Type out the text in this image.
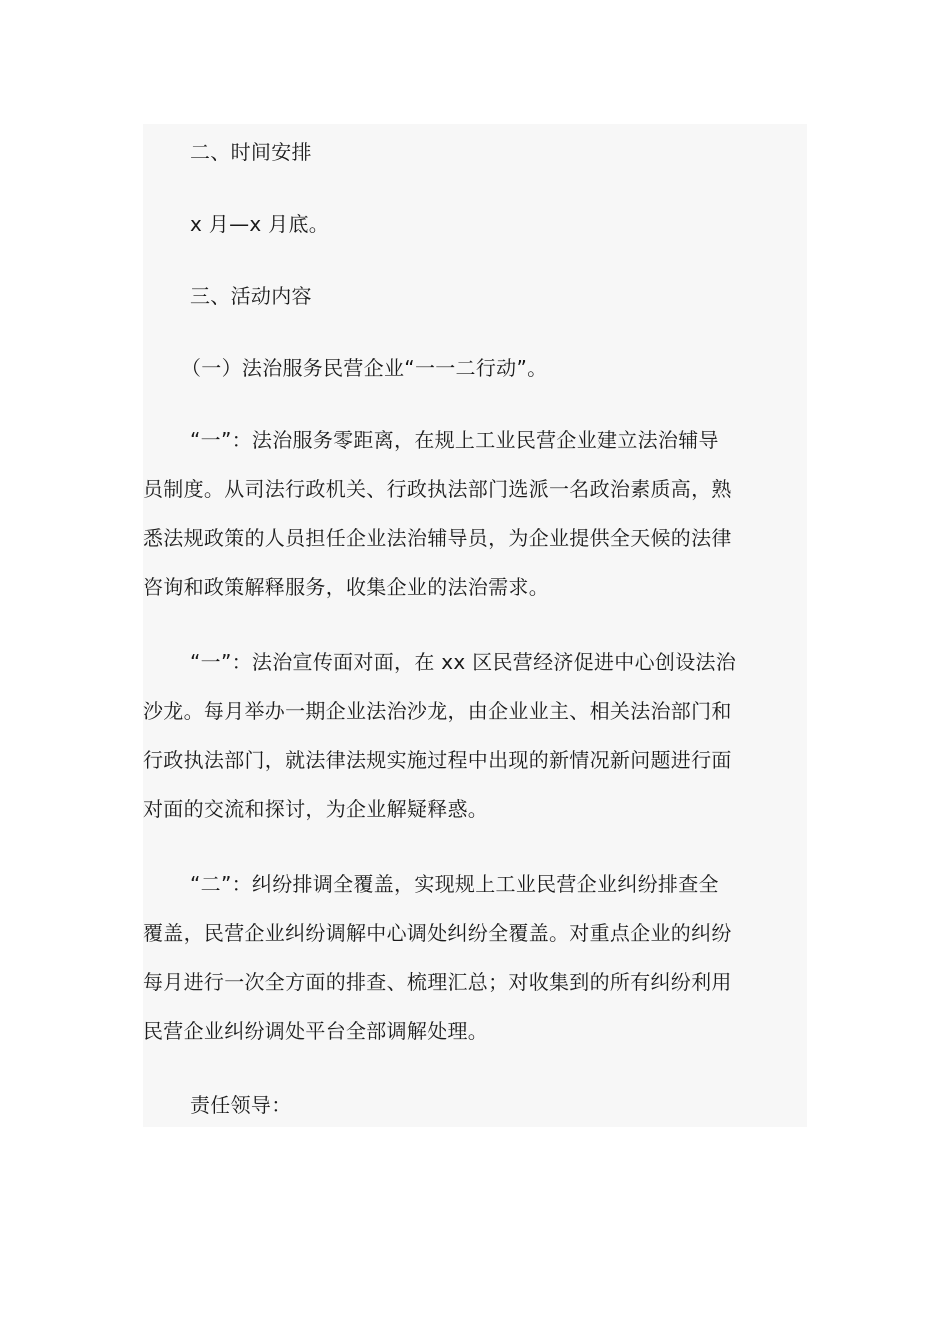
二、时间安排
x 月—x 月底。
三、活动内容
（一）法治服务民营企业“一一二行动”。
“一”：法治服务零距离，在规上工业民营企业建立法治辅导
员制度。从司法行政机关、行政执法部门选派一名政治素质高，熟
悉法规政策的人员担任企业法治辅导员，为企业提供全天候的法律
咨询和政策解释服务，收集企业的法治需求。
“一”：法治宣传面对面，在 xx 区民营经济促进中心创设法治
沙龙。每月举办一期企业法治沙龙，由企业业主、相关法治部门和
行政执法部门，就法律法规实施过程中出现的新情况新问题进行面
对面的交流和探讨，为企业解疑释惑。
“二”：纠纷排调全覆盖，实现规上工业民营企业纠纷排查全
覆盖，民营企业纠纷调解中心调处纠纷全覆盖。对重点企业的纠纷
每月进行一次全方面的排查、梳理汇总；对收集到的所有纠纷利用
民营企业纠纷调处平台全部调解处理。
责任领导：
